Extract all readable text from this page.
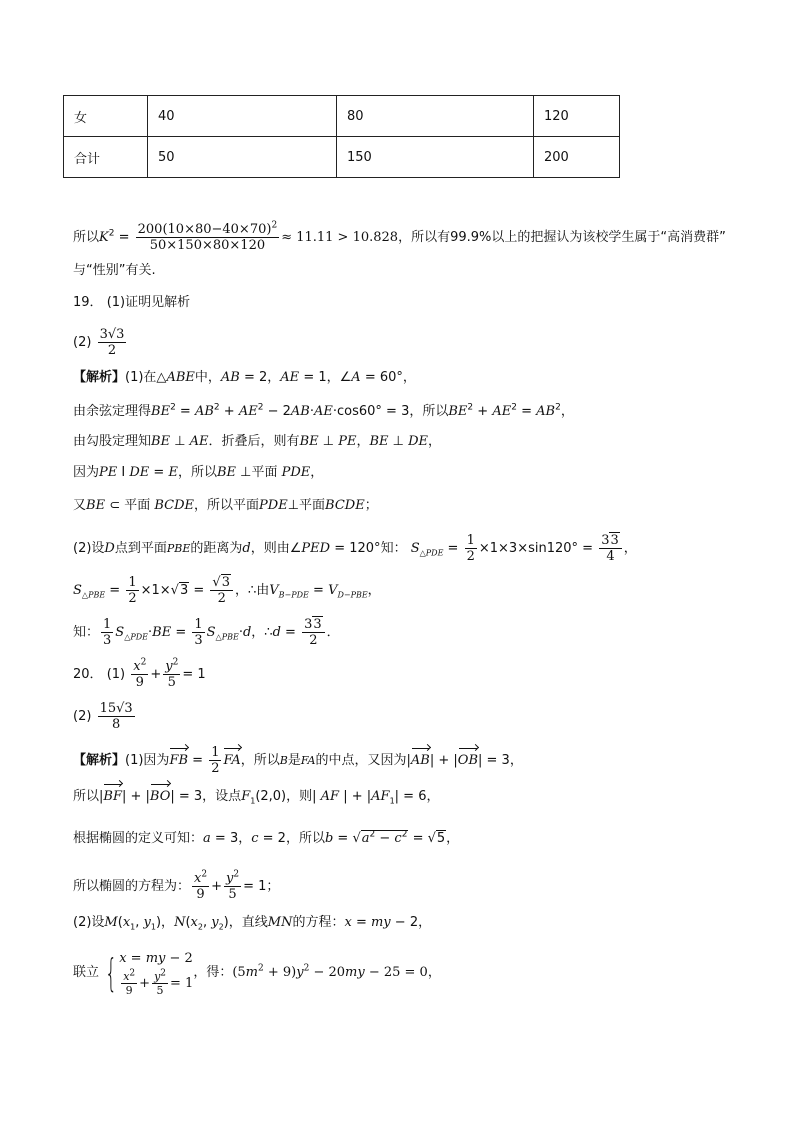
女	40	80	120
合计	50	150	200
所以$K^2 = \frac{200(10\times 80-40\times 70)^2}{50\times 150\times 80\times 120} \approx 11.11 > 10.828$，所以有99.9%以上的把握认为该校学生属于“高消费群”
与“性别”有关.
19． (1)证明见解析
$(2) \frac{3√3}{2}$
【解析】(1)在△ABE中，AB = 2，AE = 1，∠A = 60°，
由余弦定理得$BE^2 = AB^2 + AE^2 - 2AB\cdot AE\cdot\cos 60^\circ = 3$，所以$BE^2 + AE^2 = AB^2$，
由勾股定理知BE ⊥ AE．折叠后，则有BE ⊥ PE，BE ⊥ DE，
因为PE I DE = E，所以BE ⊥平面 PDE，
又BE ⊂ 平面 BCDE，所以平面PDE⊥平面BCDE；
(2)设D点到平面PBE的距离为d，则由∠PED = 120°知： $S_{\triangle PDE} = \frac{1}{2} \times 1\times 3\times\sin 120^\circ = \frac{33}{4}$ ，
$S_{\triangle PBE} = \frac{1}{2} \times 1\times√3 = \frac{√3}{2}$ ，∴由$V_{B-PDE} = V_{D-PBE}$，
知： $\frac{1}{3} S_{\triangle PDE}\cdot BE = \frac{1}{3} S_{\triangle PBE}\cdot d$，∴d = $\frac{33}{2}$ ．
20． $(1) \frac{x^2}{9} + \frac{y^2}{5} = 1$
$(2) \frac{15√3}{8}$
【解析】(1)因为FB = $\frac{1}{2}$ FA，所以B是FA的中点，又因为|AB| + |OB| = 3，
所以|BF| + |BO| = 3，设点$F_1(2,0)$，则| AF | + $|AF_1| = 6$，
根据椭圆的定义可知：a = 3，c = 2，所以$b = √a^2 - c^2 = √5$，
所以椭圆的方程为： $\frac{x^2}{9} + \frac{y^2}{5} = 1$；
(2)设$M(x_1$, $y_1$)，$N(x_2$, $y_2$)，直线MN的方程：x = my − 2，
联立 { x = my − 2
$\frac{x^2}{9} + \frac{y^2}{5} = 1$
，得：$(5m^2 + 9)y^2 - 20my - 25 = 0$，
